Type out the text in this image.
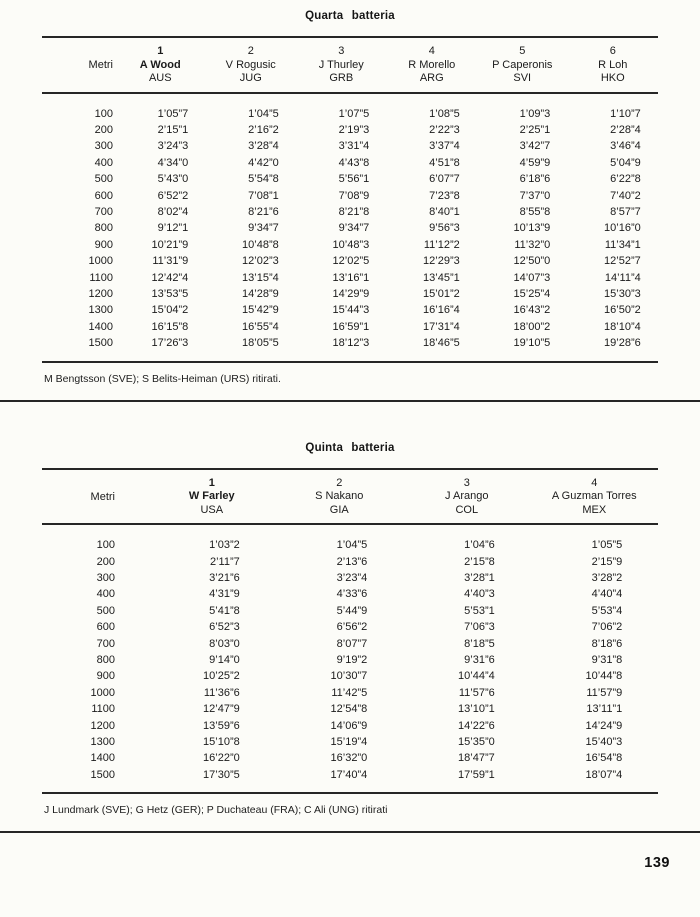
Quarta batteria
Metri	
1
A Wood
AUS

2
V Rogusic
JUG

3
J Thurley
GRB

4
R Morello
ARG

5
P Caperonis
SVI

6
R Loh
HKO

100	1’05”7	1’04”5	1’07”5	1’08”5	1’09”3	1’10”7
200	2’15”1	2’16”2	2’19”3	2’22”3	2’25”1	2’28”4
300	3’24”3	3’28”4	3’31”4	3’37”4	3’42”7	3’46”4
400	4’34”0	4’42”0	4’43”8	4’51”8	4’59”9	5’04”9
500	5’43”0	5’54”8	5’56”1	6’07”7	6’18”6	6’22”8
600	6’52”2	7’08”1	7’08”9	7’23”8	7’37”0	7’40”2
700	8’02”4	8’21”6	8’21”8	8’40”1	8’55”8	8’57”7
800	9’12”1	9’34”7	9’34”7	9’56”3	10’13”9	10’16”0
900	10’21”9	10’48”8	10’48”3	11’12”2	11’32”0	11’34”1
1000	11’31”9	12’02”3	12’02”5	12’29”3	12’50”0	12’52”7
1100	12’42”4	13’15”4	13’16”1	13’45”1	14’07”3	14’11”4
1200	13’53”5	14’28”9	14’29”9	15’01”2	15’25”4	15’30”3
1300	15’04”2	15’42”9	15’44”3	16’16”4	16’43”2	16’50”2
1400	16’15”8	16’55”4	16’59”1	17’31”4	18’00”2	18’10”4
1500	17’26”3	18’05”5	18’12”3	18’46”5	19’10”5	19’28”6

M Bengtsson (SVE); S Belits-Heiman (URS) ritirati.

Quinta batteria
Metri	
1
W Farley
USA

2
S Nakano
GIA

3
J Arango
COL

4
A Guzman Torres
MEX

100	1’03”2	1’04”5	1’04”6	1’05”5
200	2’11”7	2’13”6	2’15”8	2’15”9
300	3’21”6	3’23”4	3’28”1	3’28”2
400	4’31”9	4’33”6	4’40”3	4’40”4
500	5’41”8	5’44”9	5’53”1	5’53”4
600	6’52”3	6’56”2	7’06”3	7’06”2
700	8’03”0	8’07”7	8’18”5	8’18”6
800	9’14”0	9’19”2	9’31”6	9’31”8
900	10’25”2	10’30”7	10’44”4	10’44”8
1000	11’36”6	11’42”5	11’57”6	11’57”9
1100	12’47”9	12’54”8	13’10”1	13’11”1
1200	13’59”6	14’06”9	14’22”6	14’24”9
1300	15’10”8	15’19”4	15’35”0	15’40”3
1400	16’22”0	16’32”0	18’47”7	16’54”8
1500	17’30”5	17’40”4	17’59”1	18’07”4

J Lundmark (SVE); G Hetz (GER); P Duchateau (FRA); C Ali (UNG) ritirati

139
